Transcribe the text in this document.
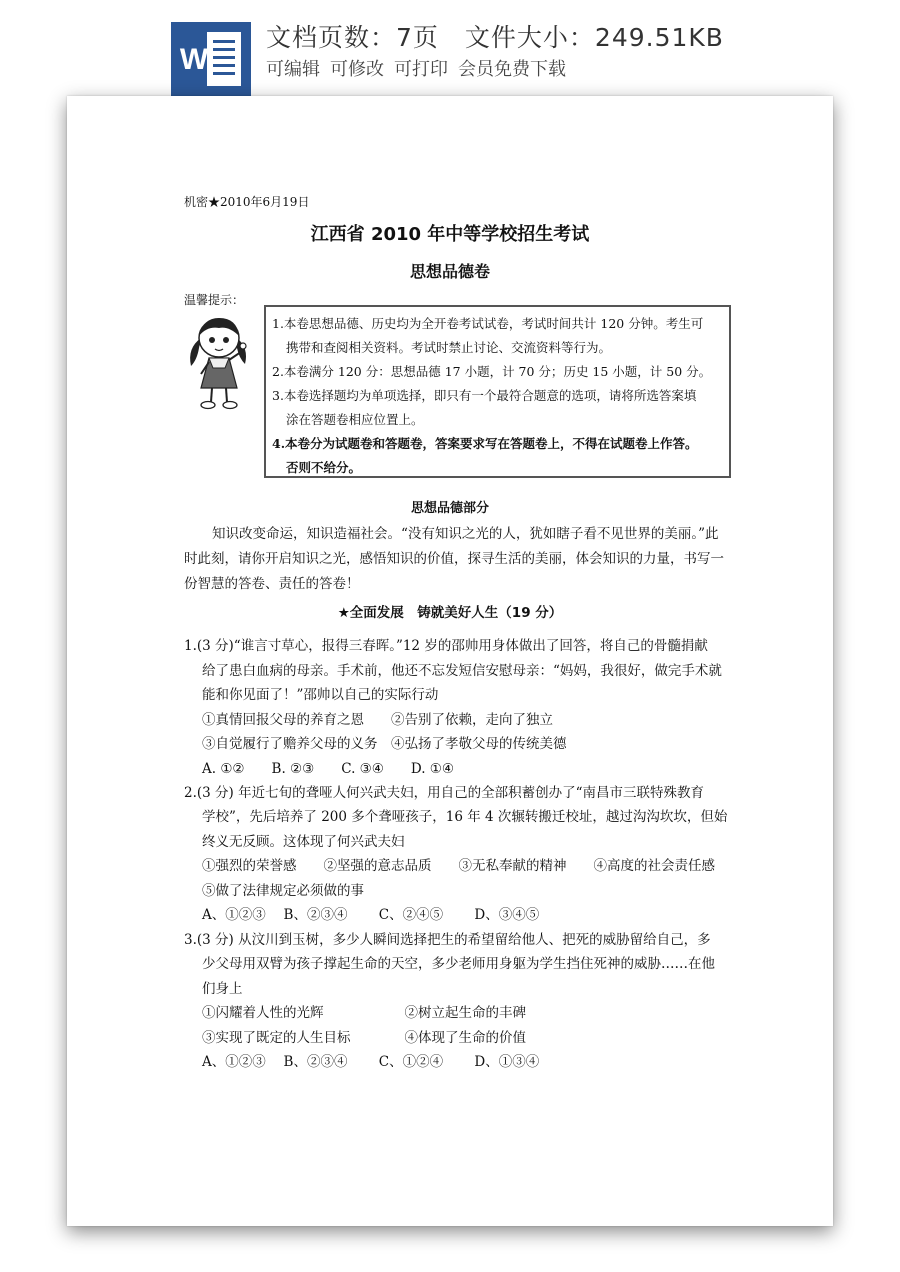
W
文档页数：7页 文件大小：249.51KB
可编辑 可修改 可打印 会员免费下载
机密★2010年6月19日
江西省 2010 年中等学校招生考试
思想品德卷
温馨提示：
1.本卷思想品德、历史均为全开卷考试试卷，考试时间共计 120 分钟。考生可
携带和查阅相关资料。考试时禁止讨论、交流资料等行为。
2.本卷满分 120 分：思想品德 17 小题，计 70 分；历史 15 小题，计 50 分。
3.本卷选择题均为单项选择，即只有一个最符合题意的选项，请将所选答案填
涂在答题卷相应位置上。
4.本卷分为试题卷和答题卷，答案要求写在答题卷上，不得在试题卷上作答。
否则不给分。
思想品德部分
知识改变命运，知识造福社会。“没有知识之光的人，犹如瞎子看不见世界的美丽。”此
时此刻，请你开启知识之光，感悟知识的价值，探寻生活的美丽，体会知识的力量，书写一
份智慧的答卷、责任的答卷！
★全面发展　铸就美好人生（19 分）
1.(3 分)“谁言寸草心，报得三春晖。”12 岁的邵帅用身体做出了回答，将自己的骨髓捐献
给了患白血病的母亲。手术前，他还不忘发短信安慰母亲：“妈妈，我很好，做完手术就
能和你见面了！”邵帅以自己的实际行动
①真情回报父母的养育之恩　　②告别了依赖，走向了独立
③自觉履行了赡养父母的义务　④弘扬了孝敬父母的传统美德
A. ①②　　B. ②③　　C. ③④　　D. ①④
2.(3 分) 年近七旬的聋哑人何兴武夫妇，用自己的全部积蓄创办了“南昌市三联特殊教育
学校”，先后培养了 200 多个聋哑孩子，16 年 4 次辗转搬迁校址，越过沟沟坎坎，但始
终义无反顾。这体现了何兴武夫妇
①强烈的荣誉感　　②坚强的意志品质　　③无私奉献的精神　　④高度的社会责任感
⑤做了法律规定必须做的事
A、①②③　 B、②③④　　 C、②④⑤　　 D、③④⑤
3.(3 分) 从汶川到玉树，多少人瞬间选择把生的希望留给他人、把死的威胁留给自己，多
少父母用双臂为孩子撑起生命的天空，多少老师用身躯为学生挡住死神的威胁……在他
们身上
①闪耀着人性的光辉　　　　　　②树立起生命的丰碑
③实现了既定的人生目标　　　　④体现了生命的价值
A、①②③　 B、②③④　　 C、①②④　　 D、①③④
